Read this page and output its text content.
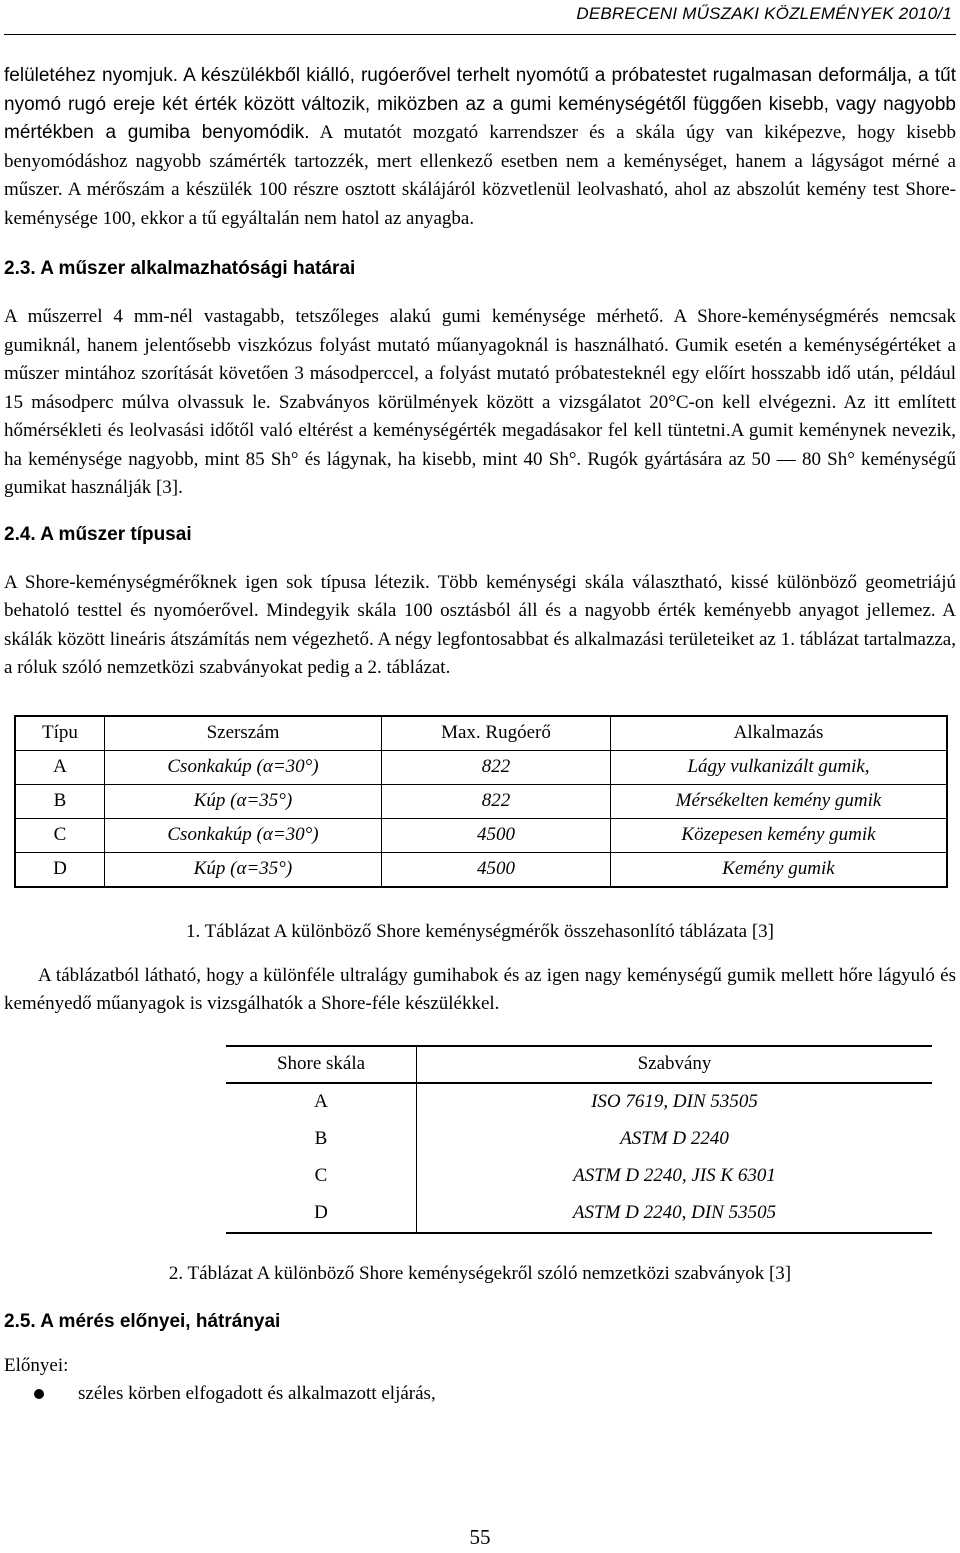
DEBRECENI MŰSZAKI KÖZLEMÉNYEK 2010/1

felületéhez nyomjuk. A készülékből kiálló, rugóerővel terhelt nyomótű a próbatestet rugalmasan deformálja, a tűt nyomó rugó ereje két érték között változik, miközben az a gumi keménységétől függően kisebb, vagy nagyobb mértékben a gumiba benyomódik. A mutatót mozgató karrendszer és a skála úgy van kiképezve, hogy kisebb benyomódáshoz nagyobb számérték tartozzék, mert ellenkező esetben nem a keménységet, hanem a lágyságot mérné a műszer. A mérőszám a készülék 100 részre osztott skálájáról közvetlenül leolvasható, ahol az abszolút kemény test Shore-keménysége 100, ekkor a tű egyáltalán nem hatol az anyagba.

2.3. A műszer alkalmazhatósági határai

A műszerrel 4 mm-nél vastagabb, tetszőleges alakú gumi keménysége mérhető. A Shore-keménységmérés nemcsak gumiknál, hanem jelentősebb viszkózus folyást mutató műanyagoknál is használható. Gumik esetén a keménységértéket a műszer mintához szorítását követően 3 másodperccel, a folyást mutató próbatesteknél egy előírt hosszabb idő után, például 15 másodperc múlva olvassuk le. Szabványos körülmények között a vizsgálatot 20°C-on kell elvégezni. Az itt említett hőmérsékleti és leolvasási időtől való eltérést a keménységérték megadásakor fel kell tüntetni.A gumit keménynek nevezik, ha keménysége nagyobb, mint 85 Sh° és lágynak, ha kisebb, mint 40 Sh°. Rugók gyártására az 50 — 80 Sh° keménységű gumikat használják [3].

2.4. A műszer típusai

A Shore-keménységmérőknek igen sok típusa létezik. Több keménységi skála választható, kissé különböző geometriájú behatoló testtel és nyomóerővel. Mindegyik skála 100 osztásból áll és a nagyobb érték keményebb anyagot jellemez. A skálák között lineáris átszámítás nem végezhető. A négy legfontosabbat és alkalmazási területeiket az 1. táblázat tartalmazza, a róluk szóló nemzetközi szabványokat pedig a 2. táblázat.

Típu	Szerszám	Max. Rugóerő	Alkalmazás
A	Csonkakúp (α=30°)	822	Lágy vulkanizált gumik,
B	Kúp (α=35°)	822	Mérsékelten kemény gumik
C	Csonkakúp (α=30°)	4500	Közepesen kemény gumik
D	Kúp (α=35°)	4500	Kemény gumik
1. Táblázat A különböző Shore keménységmérők összehasonlító táblázata [3]

A táblázatból látható, hogy a különféle ultralágy gumihabok és az igen nagy keménységű gumik mellett hőre lágyuló és keményedő műanyagok is vizsgálhatók a Shore-féle készülékkel.

Shore skála	Szabvány
A	ISO 7619, DIN 53505
B	ASTM D 2240
C	ASTM D 2240, JIS K 6301
D	ASTM D 2240, DIN 53505
2. Táblázat A különböző Shore keménységekről szóló nemzetközi szabványok [3]
2.5. A mérés előnyei, hátrányai

Előnyei:

széles körben elfogadott és alkalmazott eljárás,
55
